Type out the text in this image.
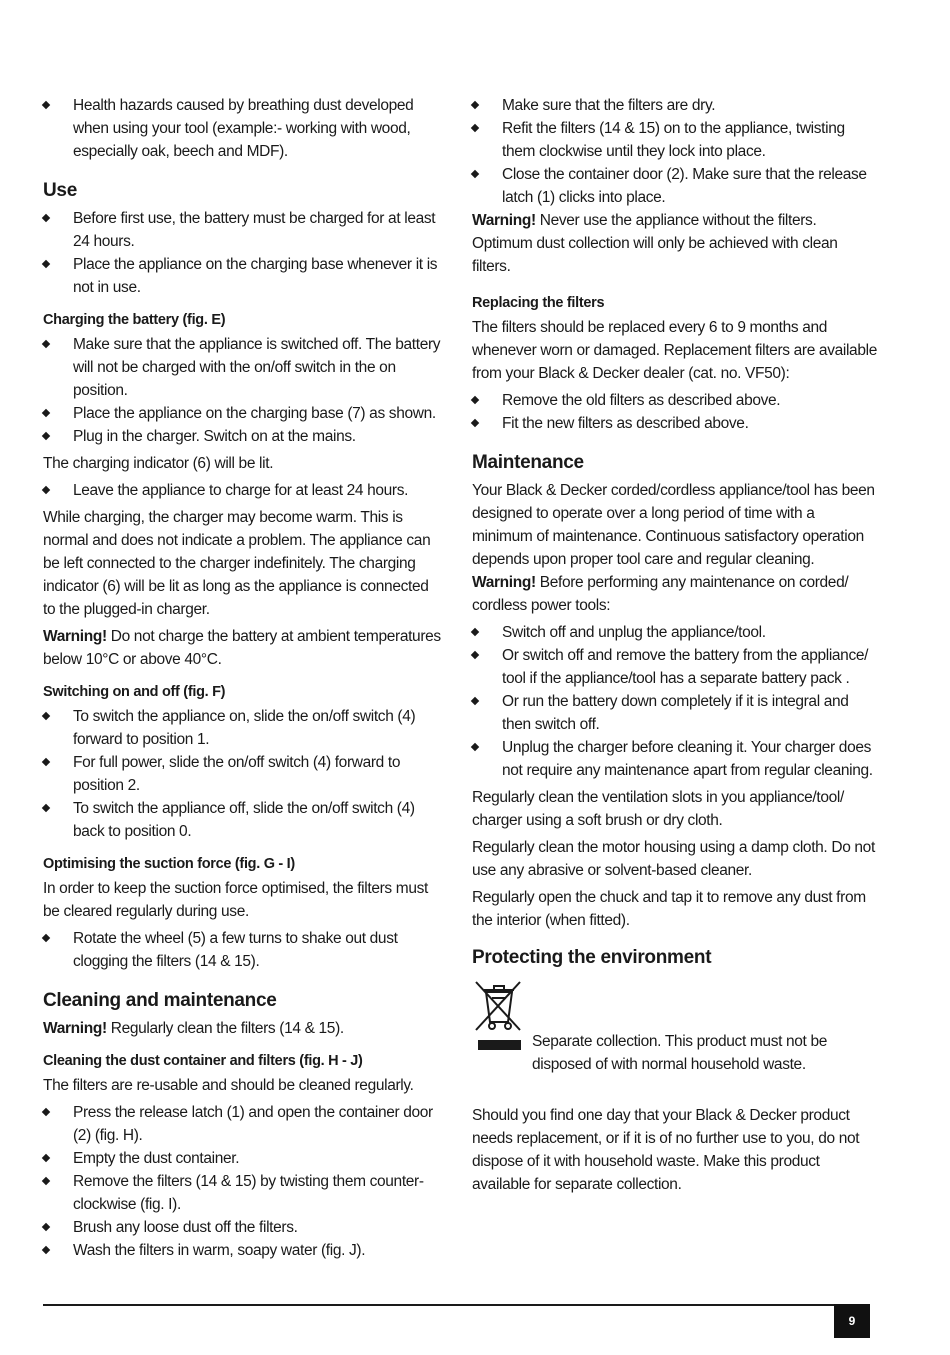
Health hazards caused by breathing dust developed when using your tool (example:- working with wood, especially oak, beech and MDF).
Use
Before first use, the battery must be charged for at least 24 hours.
Place the appliance on the charging base whenever it is not in use.
Charging the battery (fig. E)
Make sure that the appliance is switched off. The battery will not be charged with the on/off switch in the on position.
Place the appliance on the charging base (7) as shown.
Plug in the charger. Switch on at the mains.

The charging indicator (6) will be lit.

Leave the appliance to charge for at least 24 hours.

While charging, the charger may become warm. This is normal and does not indicate a problem. The appliance can be left connected to the charger indefinitely. The charging indicator (6) will be lit as long as the appliance is connected to the plugged-in charger.

Warning! Do not charge the battery at ambient temperatures below 10°C or above 40°C.

Switching on and off (fig. F)
To switch the appliance on, slide the on/off switch (4) forward to position 1.
For full power, slide the on/off switch (4) forward to position 2.
To switch the appliance off, slide the on/off switch (4) back to position 0.
Optimising the suction force (fig. G - I)

In order to keep the suction force optimised, the filters must be cleared regularly during use.

Rotate the wheel (5) a few turns to shake out dust clogging the filters (14 & 15).
Cleaning and maintenance

Warning! Regularly clean the filters (14 & 15).

Cleaning the dust container and filters (fig. H - J)

The filters are re-usable and should be cleaned regularly.

Press the release latch (1) and open the container door (2) (fig. H).
Empty the dust container.
Remove the filters (14 & 15) by twisting them counter-clockwise (fig. I).
Brush any loose dust off the filters.
Wash the filters in warm, soapy water (fig. J).
Make sure that the filters are dry.
Refit the filters (14 & 15) on to the appliance, twisting them clockwise until they lock into place.
Close the container door (2). Make sure that the release latch (1) clicks into place.

Warning! Never use the appliance without the filters. Optimum dust collection will only be achieved with clean filters.

Replacing the filters

The filters should be replaced every 6 to 9 months and whenever worn or damaged. Replacement filters are available from your Black & Decker dealer (cat. no. VF50):

Remove the old filters as described above.
Fit the new filters as described above.
Maintenance

Your Black & Decker corded/cordless appliance/tool has been designed to operate over a long period of time with a minimum of maintenance. Continuous satisfactory operation depends upon proper tool care and regular cleaning.

Warning! Before performing any maintenance on corded/ cordless power tools:

Switch off and unplug the appliance/tool.
Or switch off and remove the battery from the appliance/ tool if the appliance/tool has a separate battery pack .
Or run the battery down completely if it is integral and then switch off.
Unplug the charger before cleaning it. Your charger does not require any maintenance apart from regular cleaning.

Regularly clean the ventilation slots in you appliance/tool/ charger using a soft brush or dry cloth.

Regularly clean the motor housing using a damp cloth. Do not use any abrasive or solvent-based cleaner.

Regularly open the chuck and tap it to remove any dust from the interior (when fitted).

Protecting the environment

Separate collection. This product must not be disposed of with normal household waste.

Should you find one day that your Black & Decker product needs replacement, or if it is of no further use to you, do not dispose of it with household waste. Make this product available for separate collection.

9
